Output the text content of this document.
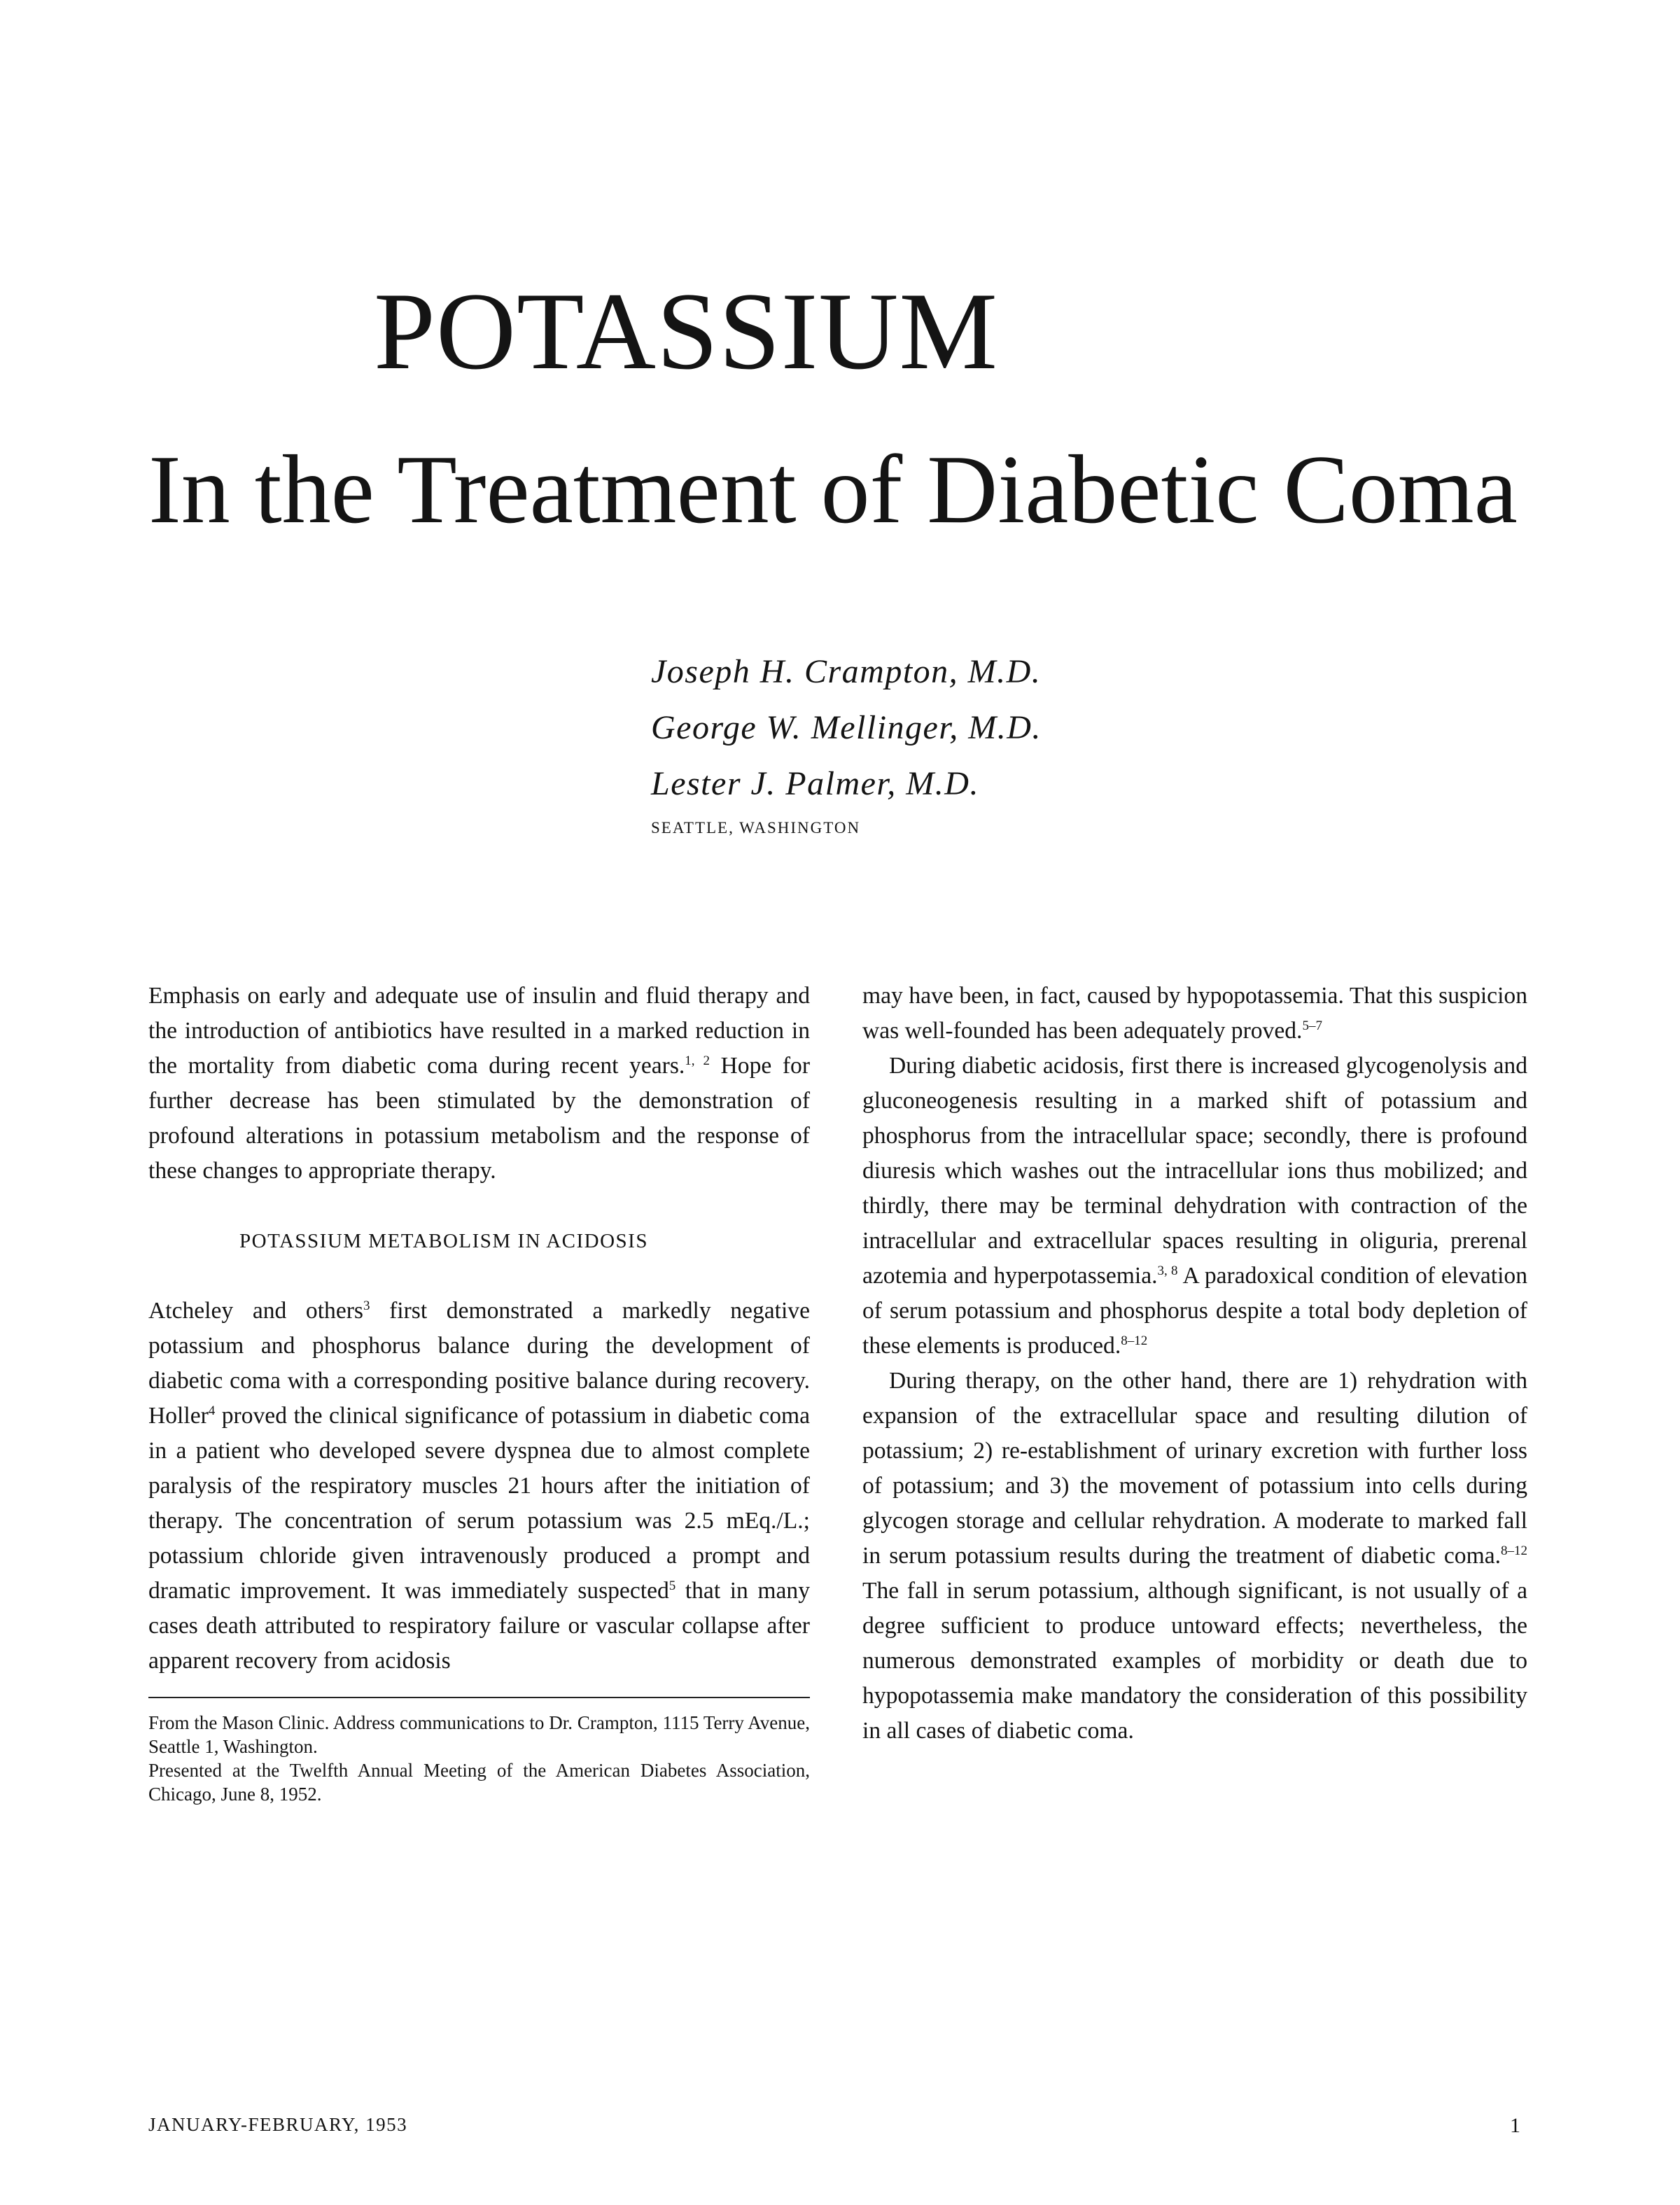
POTASSIUM
In the Treatment of Diabetic Coma
Joseph H. Crampton, M.D.
George W. Mellinger, M.D.
Lester J. Palmer, M.D.
SEATTLE, WASHINGTON

Emphasis on early and adequate use of insulin and fluid therapy and the introduction of antibiotics have resulted in a marked reduction in the mortality from diabetic coma during recent years.$^{1, 2}$ Hope for further decrease has been stimulated by the demonstration of profound alterations in potassium metabolism and the response of these changes to appropriate therapy.

POTASSIUM METABOLISM IN ACIDOSIS

Atcheley and others$^3$ first demonstrated a markedly negative potassium and phosphorus balance during the development of diabetic coma with a corresponding positive balance during recovery. Holler$^4$ proved the clinical significance of potassium in diabetic coma in a patient who developed severe dyspnea due to almost complete paralysis of the respiratory muscles 21 hours after the initiation of therapy. The concentration of serum potassium was 2.5 mEq./L.; potassium chloride given intravenously produced a prompt and dramatic improvement. It was immediately suspected$^5$ that in many cases death attributed to respiratory failure or vascular collapse after apparent recovery from acidosis

From the Mason Clinic. Address communications to Dr. Crampton, 1115 Terry Avenue, Seattle 1, Washington.

Presented at the Twelfth Annual Meeting of the American Diabetes Association, Chicago, June 8, 1952.

may have been, in fact, caused by hypopotassemia. That this suspicion was well-founded has been adequately proved.$^{5-7}$

During diabetic acidosis, first there is increased glycogenolysis and gluconeogenesis resulting in a marked shift of potassium and phosphorus from the intracellular space; secondly, there is profound diuresis which washes out the intracellular ions thus mobilized; and thirdly, there may be terminal dehydration with contraction of the intracellular and extracellular spaces resulting in oliguria, prerenal azotemia and hyperpotassemia.$^{3, 8}$ A paradoxical condition of elevation of serum potassium and phosphorus despite a total body depletion of these elements is produced.$^{8-12}$

During therapy, on the other hand, there are 1) rehydration with expansion of the extracellular space and resulting dilution of potassium; 2) re-establishment of urinary excretion with further loss of potassium; and 3) the movement of potassium into cells during glycogen storage and cellular rehydration. A moderate to marked fall in serum potassium results during the treatment of diabetic coma.$^{8-12}$ The fall in serum potassium, although significant, is not usually of a degree sufficient to produce untoward effects; nevertheless, the numerous demonstrated examples of morbidity or death due to hypopotassemia make mandatory the consideration of this possibility in all cases of diabetic coma.

JANUARY-FEBRUARY, 1953	1
